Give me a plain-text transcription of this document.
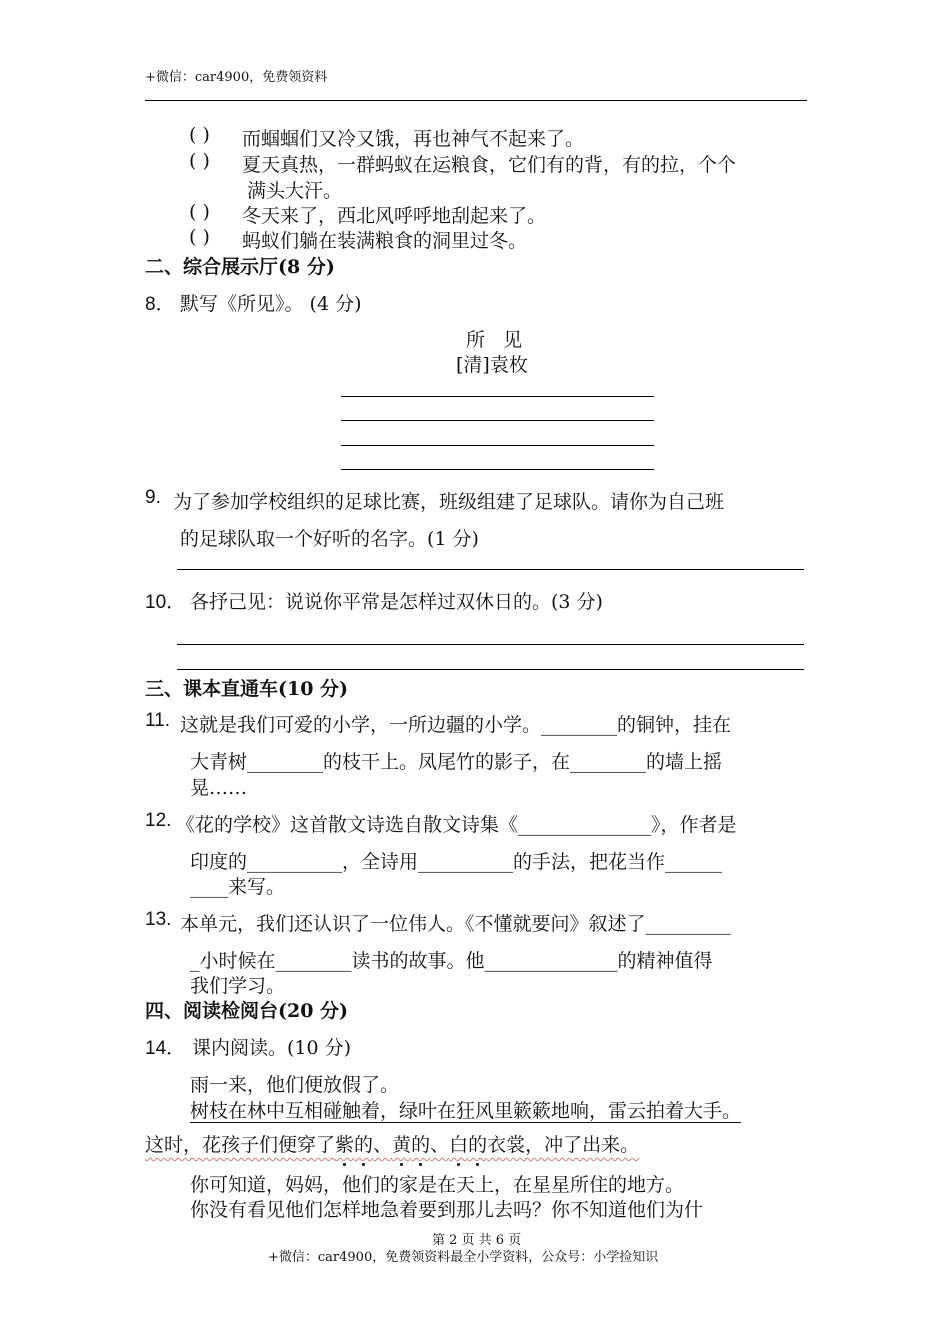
+微信：car4900，免费领资料
( ) 而蝈蝈们又冷又饿，再也神气不起来了。
( ) 夏天真热，一群蚂蚁在运粮食，它们有的背，有的拉，个个
满头大汗。
( ) 冬天来了，西北风呼呼地刮起来了。
( ) 蚂蚁们躺在装满粮食的洞里过冬。
二、综合展示厅(8 分)
8． 默写《所见》。 (4 分)
所   见
[清]袁枚
9. 为了参加学校组织的足球比赛，班级组建了足球队。请你为自己班
的足球队取一个好听的名字。(1 分)
10． 各抒己见：说说你平常是怎样过双休日的。(3 分)
三、课本直通车(10 分)
11. 这就是我们可爱的小学，一所边疆的小学。________的铜钟，挂在
大青树________的枝干上。凤尾竹的影子，在________的墙上摇
晃……
12. 《花的学校》这首散文诗选自散文诗集《______________》，作者是
印度的__________，全诗用__________的手法，把花当作______
____来写。
13. 本单元，我们还认识了一位伟人。《不懂就要问》叙述了_________
_小时候在________读书的故事。他______________的精神值得
我们学习。
四、阅读检阅台(20 分)
14． 课内阅读。(10 分)
雨一来，他们便放假了。
树枝在林中互相碰触着，绿叶在狂风里簌簌地响，雷云拍着大手。
这时，花孩子们便穿了紫的、黄的、白的衣裳，冲了出来。
你可知道，妈妈，他们的家是在天上，在星星所住的地方。
你没有看见他们怎样地急着要到那儿去吗？你不知道他们为什
第 2 页 共 6 页
+微信：car4900，免费领资料最全小学资料，公众号：小学捡知识
